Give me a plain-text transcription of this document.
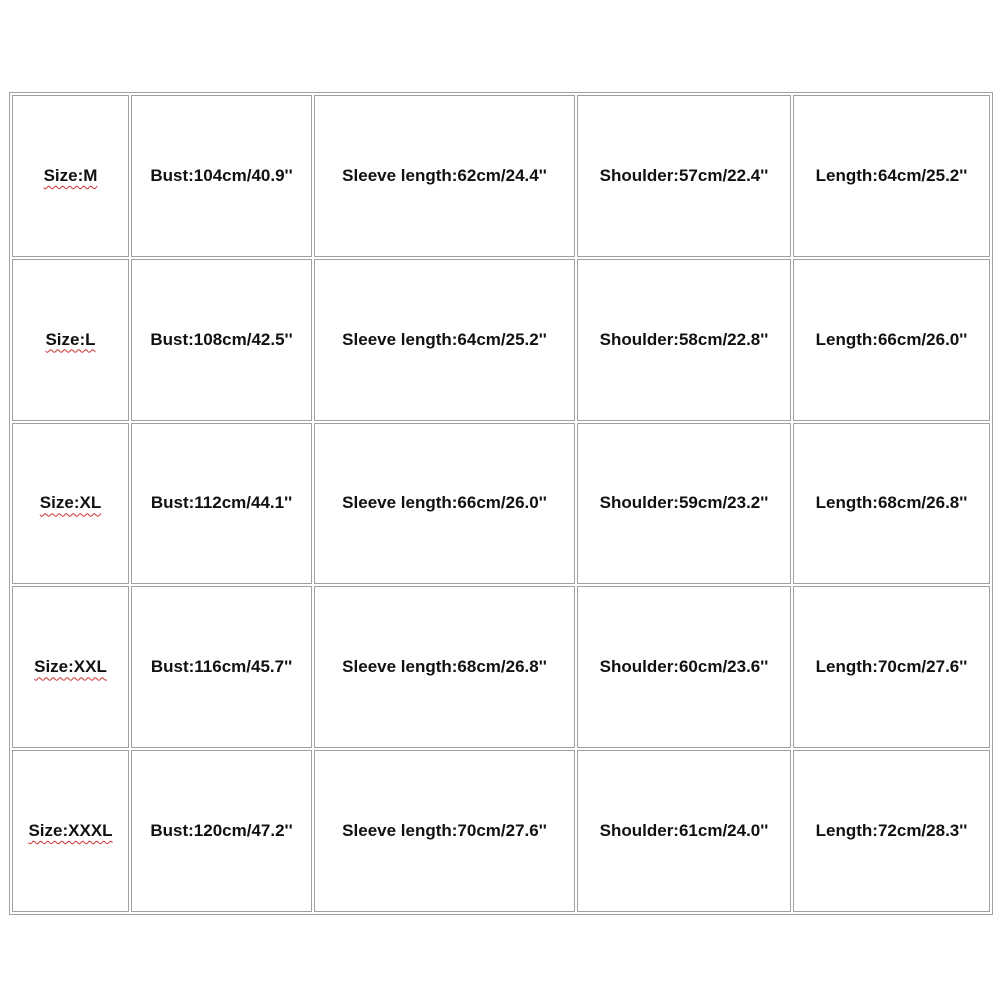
Size:M	Bust:104cm/40.9''	Sleeve length:62cm/24.4''	Shoulder:57cm/22.4''	Length:64cm/25.2''
Size:L	Bust:108cm/42.5''	Sleeve length:64cm/25.2''	Shoulder:58cm/22.8''	Length:66cm/26.0''
Size:XL	Bust:112cm/44.1''	Sleeve length:66cm/26.0''	Shoulder:59cm/23.2''	Length:68cm/26.8''
Size:XXL	Bust:116cm/45.7''	Sleeve length:68cm/26.8''	Shoulder:60cm/23.6''	Length:70cm/27.6''
Size:XXXL	Bust:120cm/47.2''	Sleeve length:70cm/27.6''	Shoulder:61cm/24.0''	Length:72cm/28.3''
